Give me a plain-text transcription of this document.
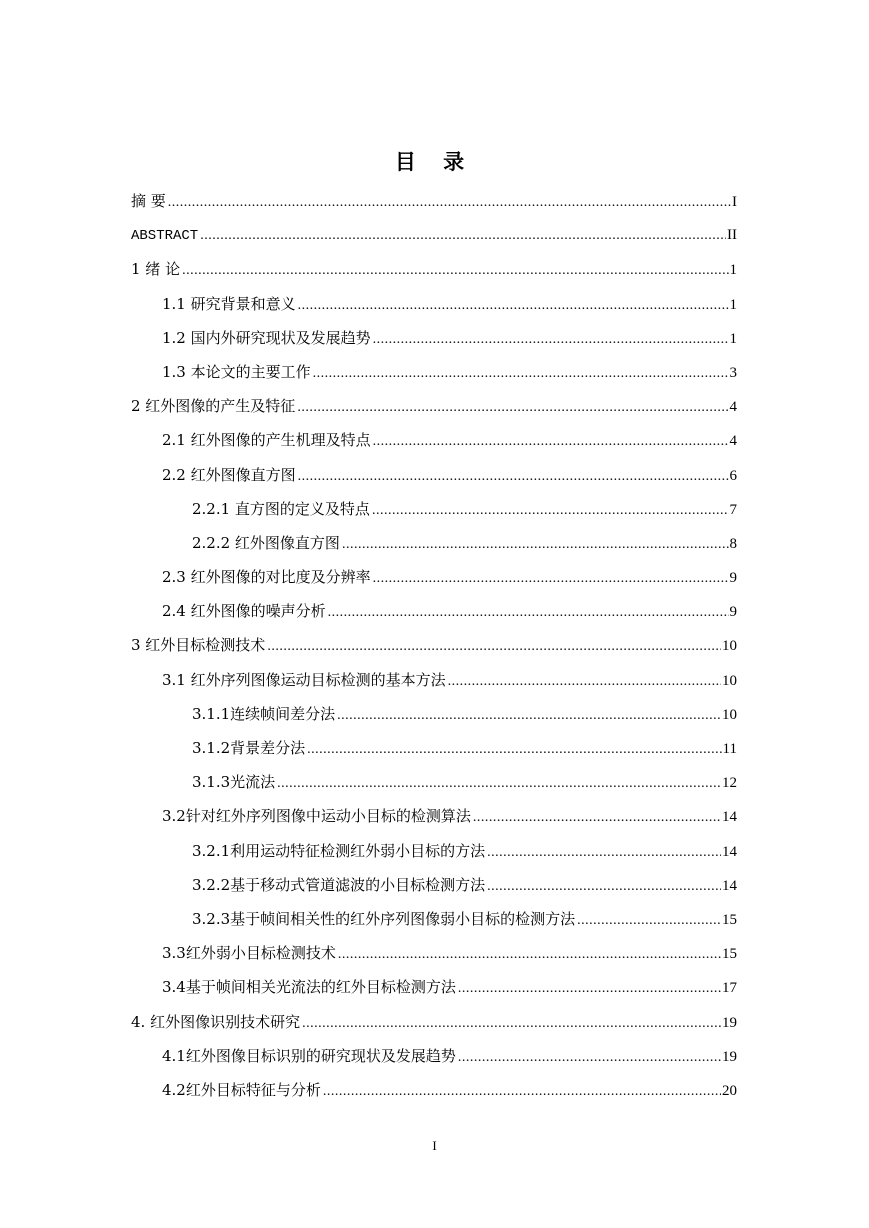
目 录
摘 要 .....	I
ABSTRACT .....	II
1 绪 论 .....	1
1.1 研究背景和意义 .....	1
1.2 国内外研究现状及发展趋势 .....	1
1.3 本论文的主要工作 .....	3
2 红外图像的产生及特征 .....	4
2.1 红外图像的产生机理及特点 .....	4
2.2 红外图像直方图 .....	6
2.2.1 直方图的定义及特点 .....	7
2.2.2 红外图像直方图 .....	8
2.3 红外图像的对比度及分辨率 .....	9
2.4 红外图像的噪声分析 .....	9
3 红外目标检测技术 .....	10
3.1 红外序列图像运动目标检测的基本方法 .....	10
3.1.1连续帧间差分法 .....	10
3.1.2背景差分法 .....	11
3.1.3光流法 .....	12
3.2针对红外序列图像中运动小目标的检测算法 .....	14
3.2.1利用运动特征检测红外弱小目标的方法 .....	14
3.2.2基于移动式管道滤波的小目标检测方法 .....	14
3.2.3基于帧间相关性的红外序列图像弱小目标的检测方法 .....	15
3.3红外弱小目标检测技术 .....	15
3.4基于帧间相关光流法的红外目标检测方法 .....	17
4. 红外图像识别技术研究 .....	19
4.1红外图像目标识别的研究现状及发展趋势 .....	19
4.2红外目标特征与分析 .....	20
I
